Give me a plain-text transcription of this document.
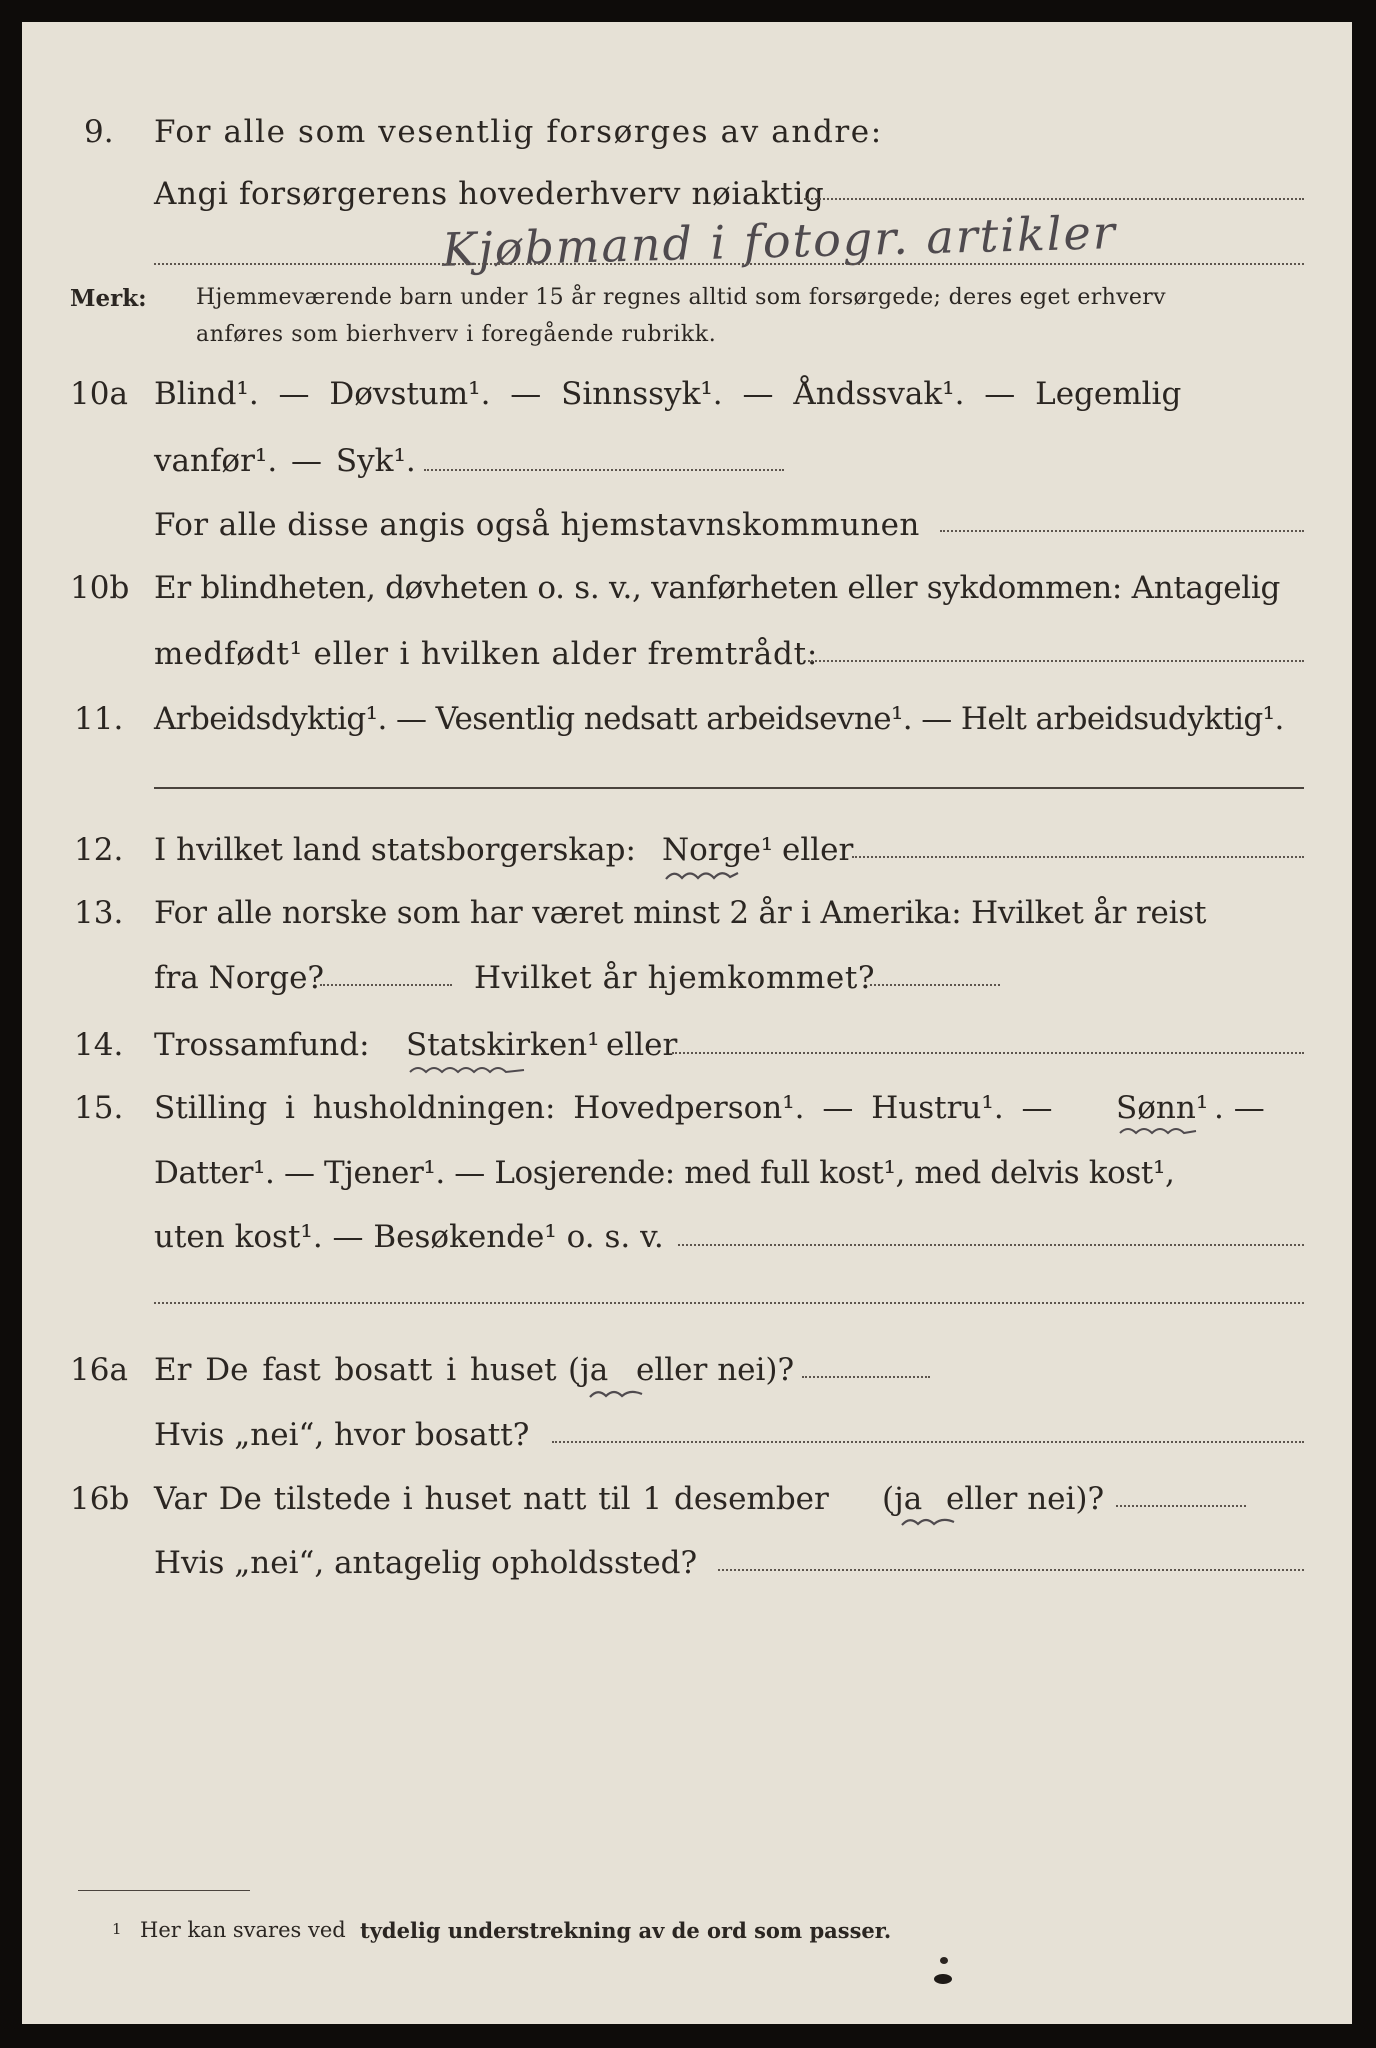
9. For alle som vesentlig forsørges av andre:
Angi forsørgerens hovederhverv nøiaktig
Kjøbmand i fotogr. artikler
Merk: Hjemmeværende barn under 15 år regnes alltid som forsørgede; deres eget erhverv
anføres som bierhverv i foregående rubrikk.
10a Blind¹. — Døvstum¹. — Sinnssyk¹. — Åndssvak¹. — Legemlig
vanfør¹. — Syk¹.
For alle disse angis også hjemstavnskommunen
10b Er blindheten, døvheten o. s. v., vanførheten eller sykdommen: Antagelig
medfødt¹ eller i hvilken alder fremtrådt:
11. Arbeidsdyktig¹. — Vesentlig nedsatt arbeidsevne¹. — Helt arbeidsudyktig¹.
12. I hvilket land statsborgerskap: Norge¹ eller
13. For alle norske som har været minst 2 år i Amerika: Hvilket år reist
fra Norge?	Hvilket år hjemkommet?
14. Trossamfund: Statskirken¹ eller
15. Stilling i husholdningen: Hovedperson¹. — Hustru¹. — Sønn¹ . —
Datter¹. — Tjener¹. — Losjerende: med full kost¹, med delvis kost¹,
uten kost¹. — Besøkende¹ o. s. v.
16a Er De fast bosatt i huset (ja eller nei)?
Hvis „nei“, hvor bosatt?
16b Var De tilstede i huset natt til 1 desember (ja eller nei)?
Hvis „nei“, antagelig opholdssted?
1 Her kan svares ved tydelig understrekning av de ord som passer.
